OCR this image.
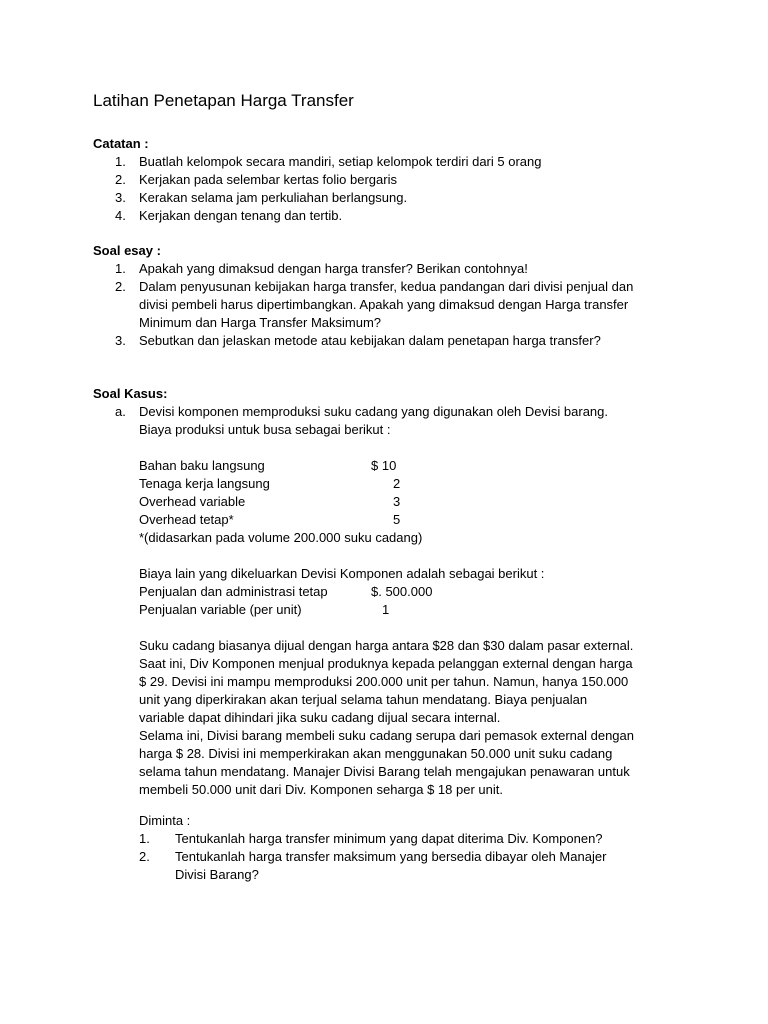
Latihan Penetapan Harga Transfer
Catatan :
1. Buatlah kelompok secara mandiri, setiap kelompok terdiri dari 5 orang
2. Kerjakan pada selembar kertas folio bergaris
3. Kerakan selama jam perkuliahan berlangsung.
4. Kerjakan dengan tenang dan tertib.
Soal esay :
1. Apakah yang dimaksud dengan harga transfer? Berikan contohnya!
2. Dalam penyusunan kebijakan harga transfer, kedua pandangan dari divisi penjual dan
divisi pembeli harus dipertimbangkan. Apakah yang dimaksud dengan Harga transfer
Minimum dan Harga Transfer Maksimum?
3. Sebutkan dan jelaskan metode atau kebijakan dalam penetapan harga transfer?
Soal Kasus:
a. Devisi komponen memproduksi suku cadang yang digunakan oleh Devisi barang.
Biaya produksi untuk busa sebagai berikut :
Bahan baku langsung	$ 10
Tenaga kerja langsung	2
Overhead variable	3
Overhead tetap*	5
*(didasarkan pada volume 200.000 suku cadang)
Biaya lain yang dikeluarkan Devisi Komponen adalah sebagai berikut :
Penjualan dan administrasi tetap	$. 500.000
Penjualan variable (per unit)	1
Suku cadang biasanya dijual dengan harga antara $28 dan $30 dalam pasar external.
Saat ini, Div Komponen menjual produknya kepada pelanggan external dengan harga
$ 29. Devisi ini mampu memproduksi 200.000 unit per tahun. Namun, hanya 150.000
unit yang diperkirakan akan terjual selama tahun mendatang. Biaya penjualan
variable dapat dihindari jika suku cadang dijual secara internal.
Selama ini, Divisi barang membeli suku cadang serupa dari pemasok external dengan
harga $ 28. Divisi ini memperkirakan akan menggunakan 50.000 unit suku cadang
selama tahun mendatang. Manajer Divisi Barang telah mengajukan penawaran untuk
membeli 50.000 unit dari Div. Komponen seharga $ 18 per unit.
Diminta :
1. Tentukanlah harga transfer minimum yang dapat diterima Div. Komponen?
2. Tentukanlah harga transfer maksimum yang bersedia dibayar oleh Manajer
Divisi Barang?
